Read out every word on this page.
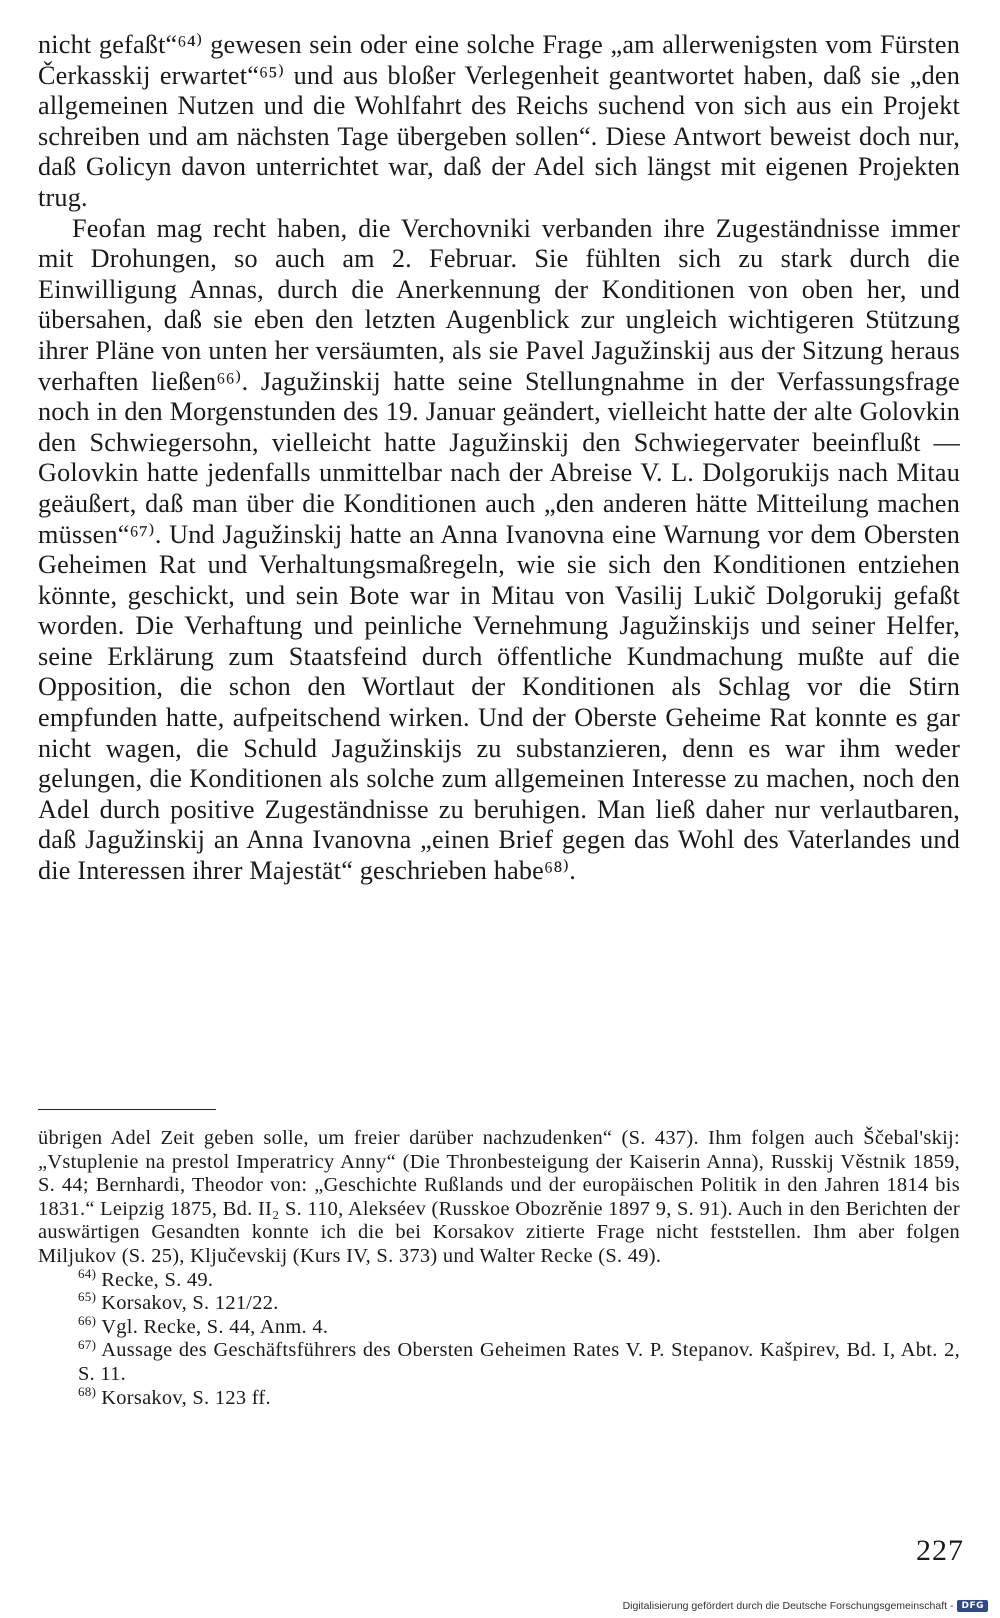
nicht gefaßt“⁶⁴⁾ gewesen sein oder eine solche Frage „am allerwenigsten vom Fürsten Čerkasskij erwartet“⁶⁵⁾ und aus bloßer Verlegenheit geantwortet haben, daß sie „den allgemeinen Nutzen und die Wohlfahrt des Reichs suchend von sich aus ein Projekt schreiben und am nächsten Tage übergeben sollen“. Diese Antwort beweist doch nur, daß Golicyn davon unterrichtet war, daß der Adel sich längst mit eigenen Projekten trug.

Feofan mag recht haben, die Verchovniki verbanden ihre Zugeständnisse immer mit Drohungen, so auch am 2. Februar. Sie fühlten sich zu stark durch die Einwilligung Annas, durch die Anerkennung der Konditionen von oben her, und übersahen, daß sie eben den letzten Augenblick zur ungleich wichtigeren Stützung ihrer Pläne von unten her versäumten, als sie Pavel Jagužinskij aus der Sitzung heraus verhaften ließen⁶⁶⁾. Jagužinskij hatte seine Stellungnahme in der Verfassungsfrage noch in den Morgenstunden des 19. Januar geändert, vielleicht hatte der alte Golovkin den Schwiegersohn, vielleicht hatte Jagužinskij den Schwiegervater beeinflußt — Golovkin hatte jedenfalls unmittelbar nach der Abreise V. L. Dolgorukijs nach Mitau geäußert, daß man über die Konditionen auch „den anderen hätte Mitteilung machen müssen“⁶⁷⁾. Und Jagužinskij hatte an Anna Ivanovna eine Warnung vor dem Obersten Geheimen Rat und Verhaltungsmaßregeln, wie sie sich den Konditionen entziehen könnte, geschickt, und sein Bote war in Mitau von Vasilij Lukič Dolgorukij gefaßt worden. Die Verhaftung und peinliche Vernehmung Jagužinskijs und seiner Helfer, seine Erklärung zum Staatsfeind durch öffentliche Kundmachung mußte auf die Opposition, die schon den Wortlaut der Konditionen als Schlag vor die Stirn empfunden hatte, aufpeitschend wirken. Und der Oberste Geheime Rat konnte es gar nicht wagen, die Schuld Jagužinskijs zu substanzieren, denn es war ihm weder gelungen, die Konditionen als solche zum allgemeinen Interesse zu machen, noch den Adel durch positive Zugeständnisse zu beruhigen. Man ließ daher nur verlautbaren, daß Jagužinskij an Anna Ivanovna „einen Brief gegen das Wohl des Vaterlandes und die Interessen ihrer Majestät“ geschrieben habe⁶⁸⁾.

übrigen Adel Zeit geben solle, um freier darüber nachzudenken“ (S. 437). Ihm folgen auch Ščebal'skij: „Vstuplenie na prestol Imperatricy Anny“ (Die Thronbesteigung der Kaiserin Anna), Russkij Věstnik 1859, S. 44; Bernhardi, Theodor von: „Geschichte Rußlands und der europäischen Politik in den Jahren 1814 bis 1831.“ Leipzig 1875, Bd. II₂ S. 110, Alekséev (Russkoe Obozrěnie 1897 9, S. 91). Auch in den Berichten der auswärtigen Gesandten konnte ich die bei Korsakov zitierte Frage nicht feststellen. Ihm aber folgen Miljukov (S. 25), Ključevskij (Kurs IV, S. 373) und Walter Recke (S. 49).

$^{64)}$ Recke, S. 49.

$^{65)}$ Korsakov, S. 121/22.

$^{66)}$ Vgl. Recke, S. 44, Anm. 4.

$^{67)}$ Aussage des Geschäftsführers des Obersten Geheimen Rates V. P. Stepanov. Kašpirev, Bd. I, Abt. 2, S. 11.

$^{68)}$ Korsakov, S. 123 ff.

227
Digitalisierung gefördert durch die Deutsche Forschungsgemeinschaft - DFG
